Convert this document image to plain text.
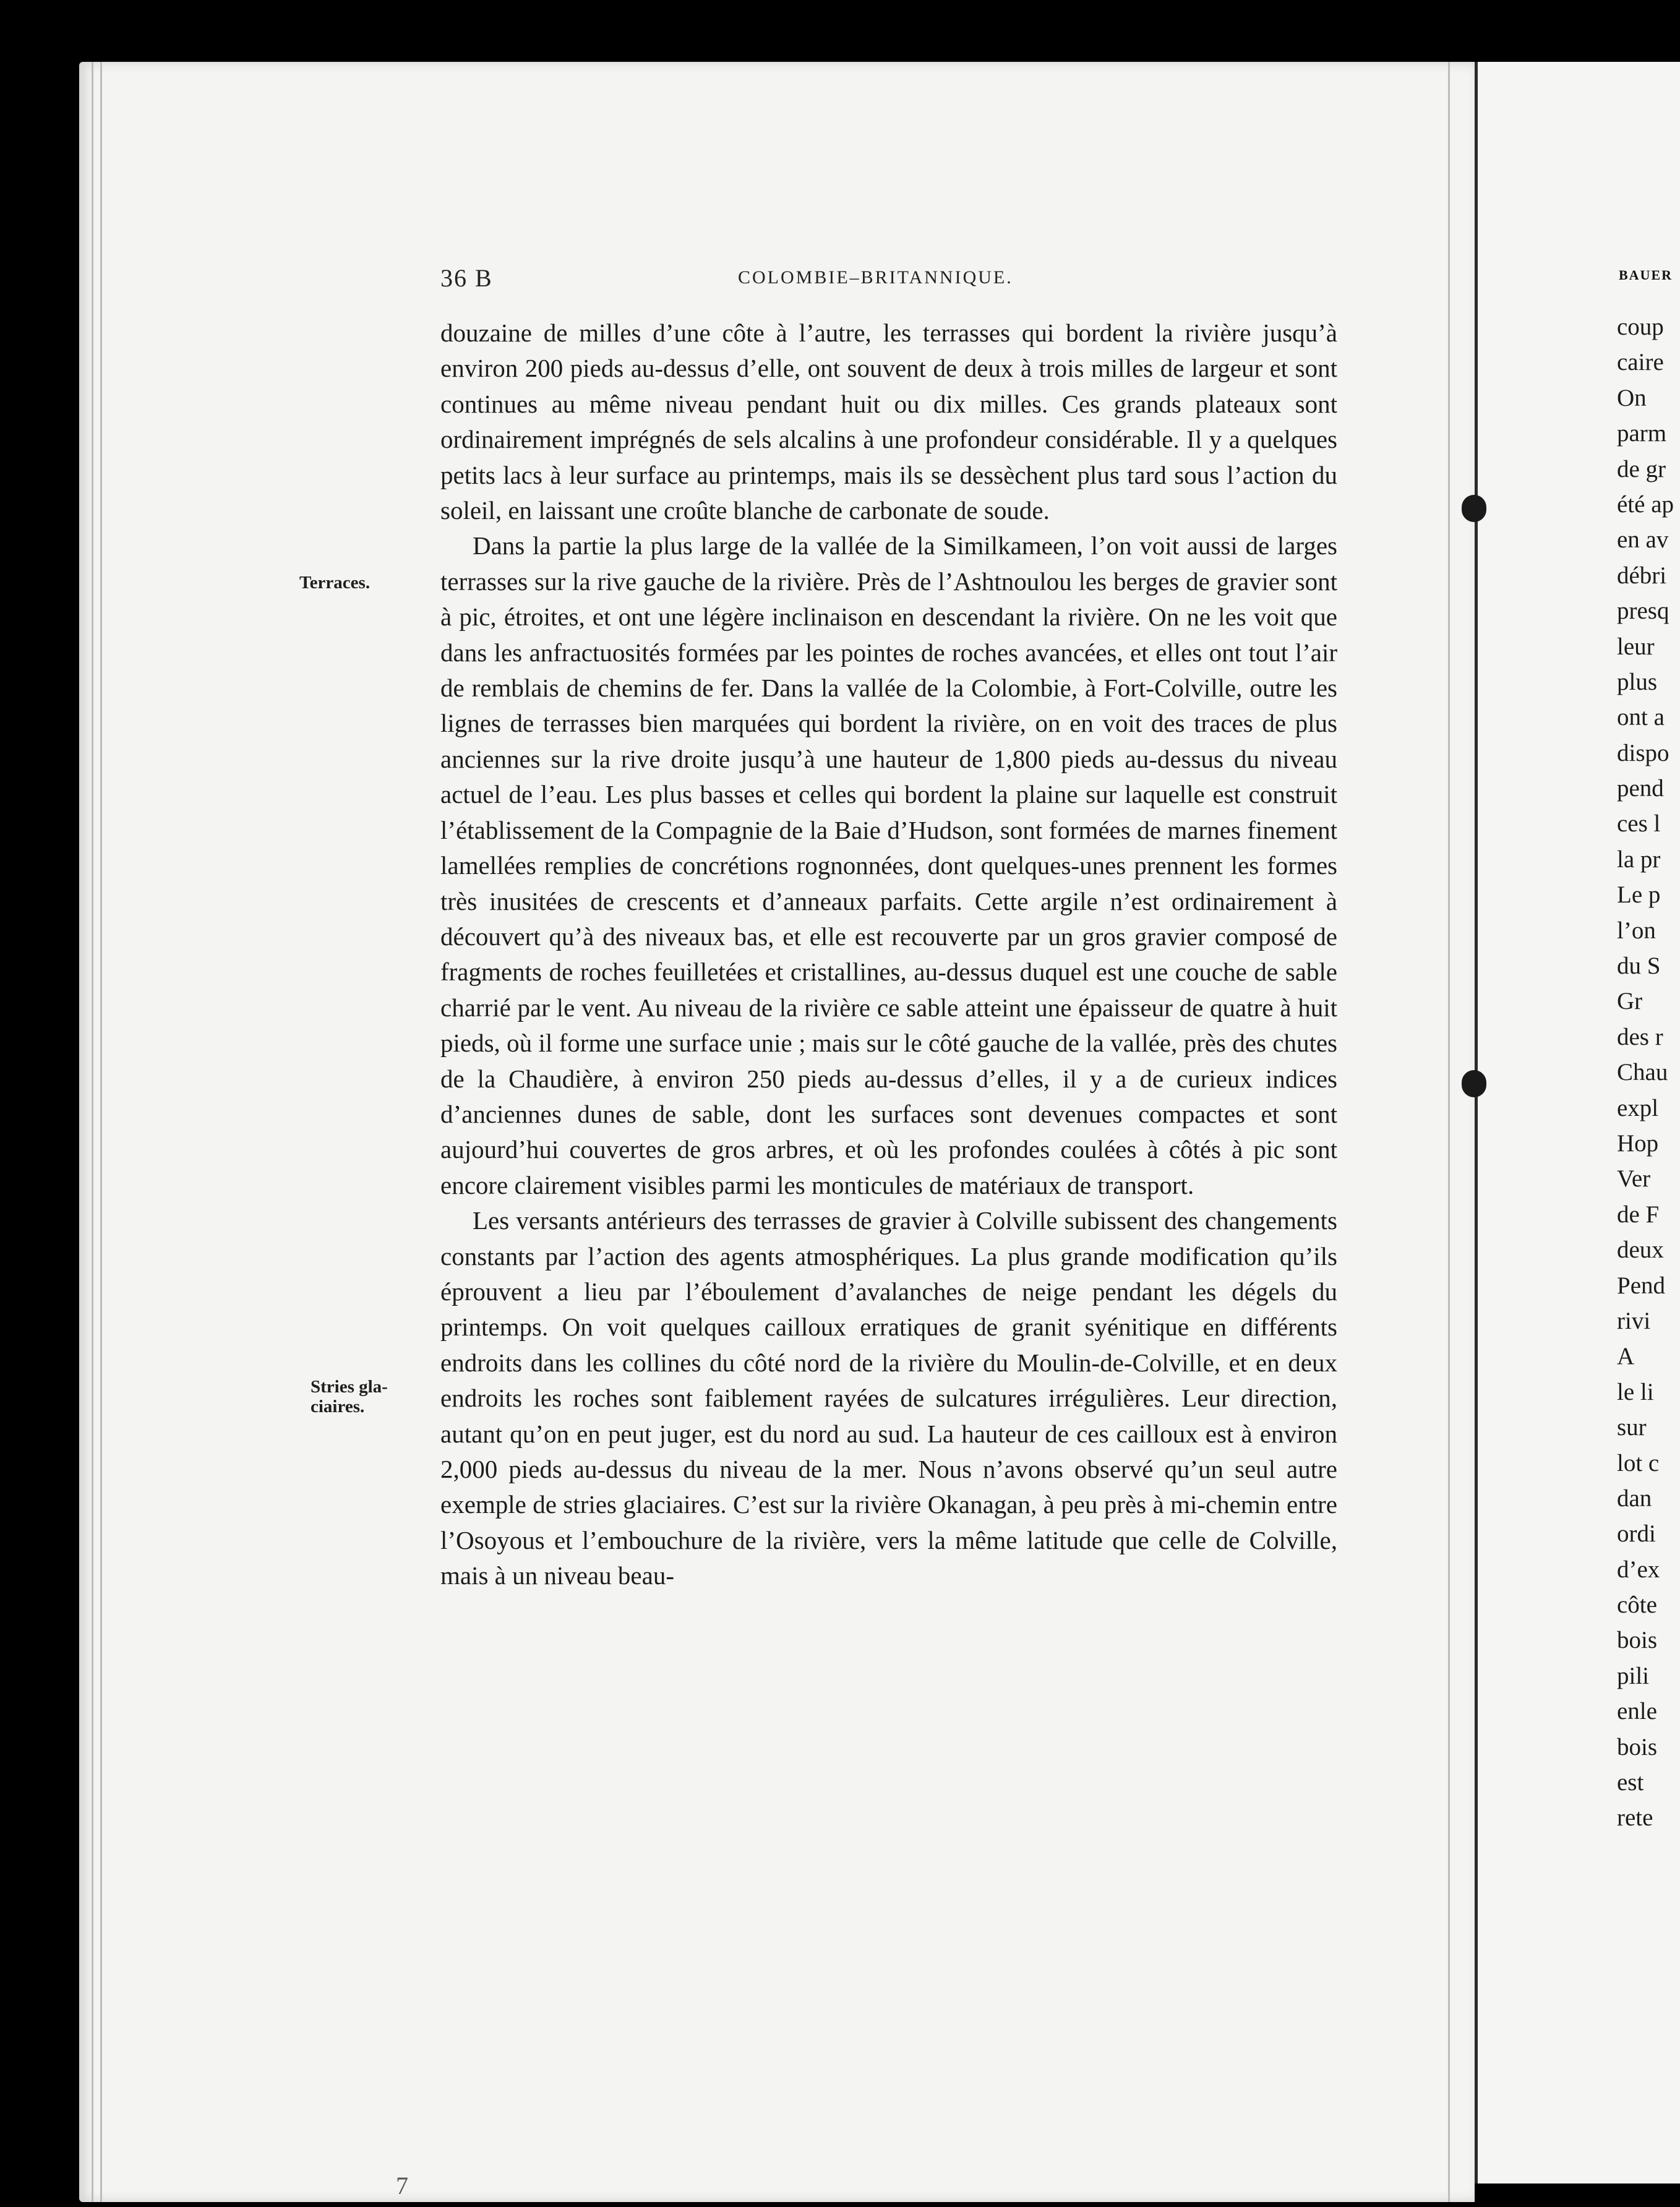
36 B	COLOMBIE–BRITANNIQUE.
Terraces.
Stries gla-
ciaires.

douzaine de milles d’une côte à l’autre, les terrasses qui bordent la rivière jusqu’à environ 200 pieds au-dessus d’elle, ont souvent de deux à trois milles de largeur et sont continues au même niveau pendant huit ou dix milles. Ces grands plateaux sont ordinairement imprégnés de sels alcalins à une profondeur considérable. Il y a quelques petits lacs à leur surface au printemps, mais ils se dessèchent plus tard sous l’action du soleil, en laissant une croûte blanche de carbonate de soude.

Dans la partie la plus large de la vallée de la Similkameen, l’on voit aussi de larges terrasses sur la rive gauche de la rivière. Près de l’Ashtnoulou les berges de gravier sont à pic, étroites, et ont une légère inclinaison en descendant la rivière. On ne les voit que dans les anfractuosités formées par les pointes de roches avancées, et elles ont tout l’air de remblais de chemins de fer. Dans la vallée de la Colombie, à Fort-Colville, outre les lignes de terrasses bien marquées qui bordent la rivière, on en voit des traces de plus anciennes sur la rive droite jusqu’à une hauteur de 1,800 pieds au-dessus du niveau actuel de l’eau. Les plus basses et celles qui bordent la plaine sur laquelle est construit l’établissement de la Compagnie de la Baie d’Hudson, sont formées de marnes finement lamellées remplies de concrétions rognonnées, dont quelques-unes prennent les formes très inusitées de crescents et d’anneaux parfaits. Cette argile n’est ordinairement à découvert qu’à des niveaux bas, et elle est recouverte par un gros gravier composé de fragments de roches feuilletées et cristallines, au-dessus duquel est une couche de sable charrié par le vent. Au niveau de la rivière ce sable atteint une épaisseur de quatre à huit pieds, où il forme une surface unie ; mais sur le côté gauche de la vallée, près des chutes de la Chaudière, à environ 250 pieds au-dessus d’elles, il y a de curieux indices d’anciennes dunes de sable, dont les surfaces sont devenues compactes et sont aujourd’hui couvertes de gros arbres, et où les profondes coulées à côtés à pic sont encore clairement visibles parmi les monticules de matériaux de transport.

Les versants antérieurs des terrasses de gravier à Colville subissent des changements constants par l’action des agents atmosphériques. La plus grande modification qu’ils éprouvent a lieu par l’éboulement d’avalanches de neige pendant les dégels du printemps. On voit quelques cailloux erratiques de granit syénitique en différents endroits dans les collines du côté nord de la rivière du Moulin-de-Colville, et en deux endroits les roches sont faiblement rayées de sulcatures irrégulières. Leur direction, autant qu’on en peut juger, est du nord au sud. La hauteur de ces cailloux est à environ 2,000 pieds au-dessus du niveau de la mer. Nous n’avons observé qu’un seul autre exemple de stries glaciaires. C’est sur la rivière Okanagan, à peu près à mi-chemin entre l’Osoyous et l’embouchure de la rivière, vers la même latitude que celle de Colville, mais à un niveau beau-

BAUER
coup
caire
On
parm
de gr
été ap
en av
débri
presq
leur
plus
ont a
dispo
pend
ces l
la pr
Le p
l’on
du S
Gr
des r
Chau
expl
Hop
Ver
de F
deux
Pend
rivi
A
le li
sur
lot c
dan
ordi
d’ex
côte
bois
pili
enle
bois
est
rete
7
